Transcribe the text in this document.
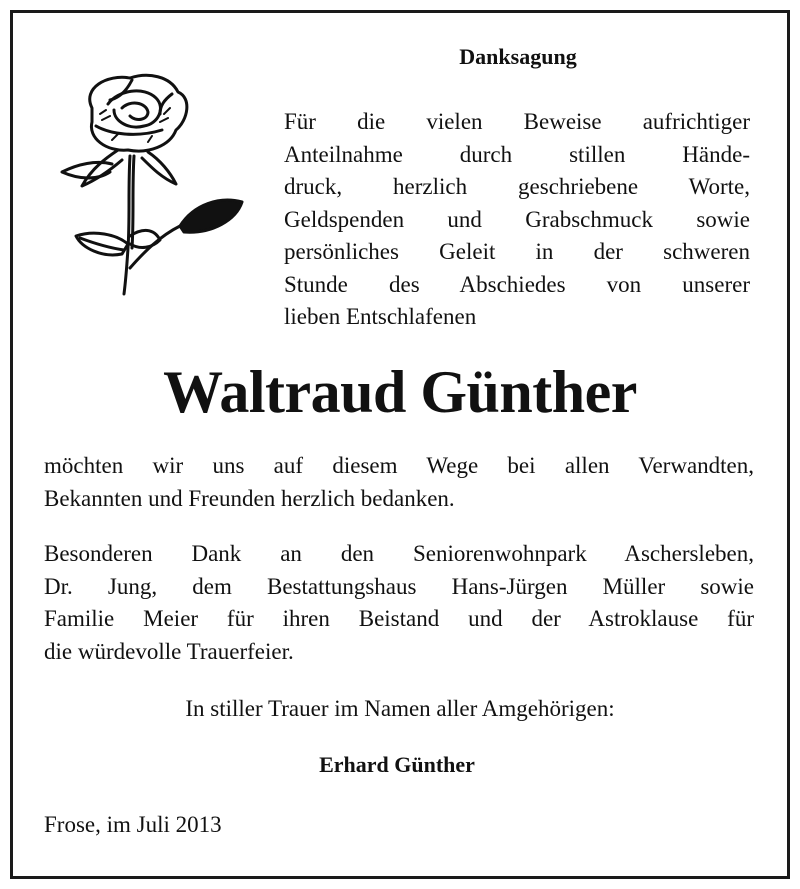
Danksagung
Für die vielen Beweise aufrichtiger
Anteilnahme durch stillen Hände-
druck, herzlich geschriebene Worte,
Geldspenden und Grabschmuck sowie
persönliches Geleit in der schweren
Stunde des Abschiedes von unserer
lieben Entschlafenen
Waltraud Günther
möchten wir uns auf diesem Wege bei allen Verwandten,
Bekannten und Freunden herzlich bedanken.
Besonderen Dank an den Seniorenwohnpark Aschersleben,
Dr. Jung, dem Bestattungshaus Hans-Jürgen Müller sowie
Familie Meier für ihren Beistand und der Astroklause für
die würdevolle Trauerfeier.
In stiller Trauer im Namen aller Amgehörigen:
Erhard Günther
Frose, im Juli 2013
